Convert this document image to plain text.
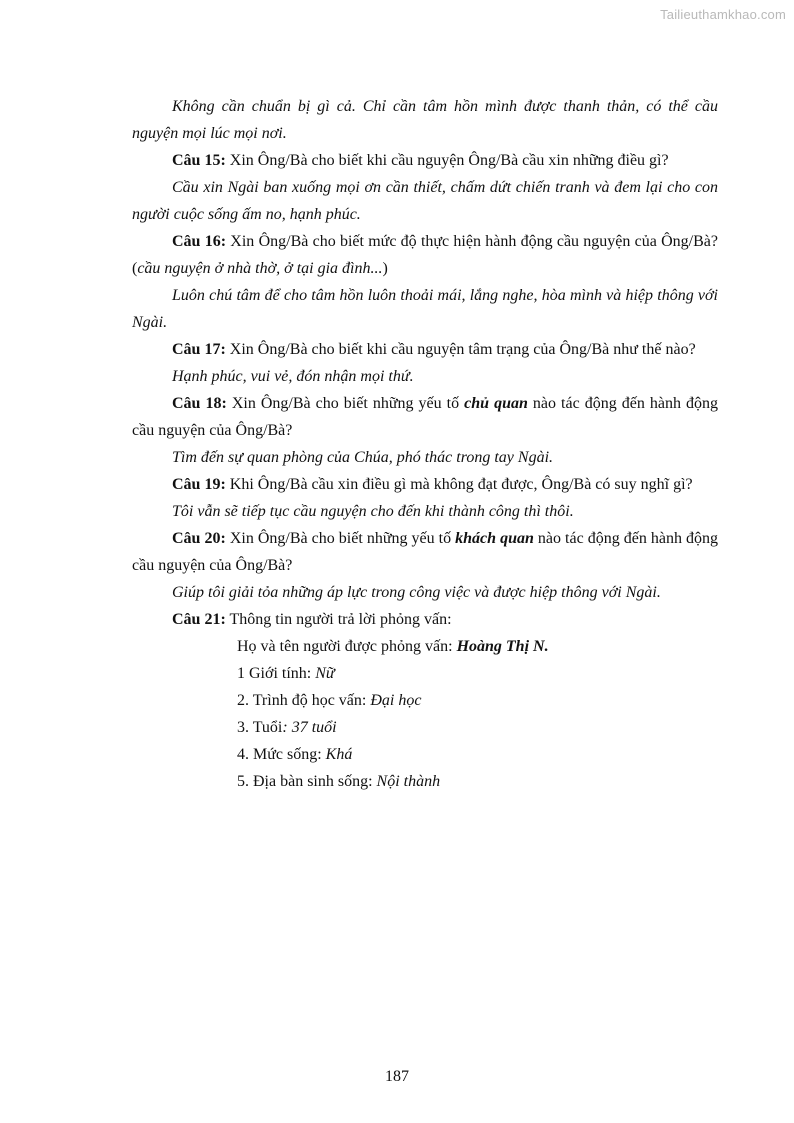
Tailieuthamkhao.com

Không cần chuẩn bị gì cả. Chỉ cần tâm hồn mình được thanh thản, có thể cầu nguyện mọi lúc mọi nơi.

Câu 15: Xin Ông/Bà cho biết khi cầu nguyện Ông/Bà cầu xin những điều gì?

Cầu xin Ngài ban xuống mọi ơn cần thiết, chấm dứt chiến tranh và đem lại cho con người cuộc sống ấm no, hạnh phúc.

Câu 16: Xin Ông/Bà cho biết mức độ thực hiện hành động cầu nguyện của Ông/Bà? (cầu nguyện ở nhà thờ, ở tại gia đình...)

Luôn chú tâm để cho tâm hồn luôn thoải mái, lắng nghe, hòa mình và hiệp thông với Ngài.

Câu 17: Xin Ông/Bà cho biết khi cầu nguyện tâm trạng của Ông/Bà như thế nào?

Hạnh phúc, vui vẻ, đón nhận mọi thứ.

Câu 18: Xin Ông/Bà cho biết những yếu tố chủ quan nào tác động đến hành động cầu nguyện của Ông/Bà?

Tìm đến sự quan phòng của Chúa, phó thác trong tay Ngài.

Câu 19: Khi Ông/Bà cầu xin điều gì mà không đạt được, Ông/Bà có suy nghĩ gì?

Tôi vẫn sẽ tiếp tục cầu nguyện cho đến khi thành công thì thôi.

Câu 20: Xin Ông/Bà cho biết những yếu tố khách quan nào tác động đến hành động cầu nguyện của Ông/Bà?

Giúp tôi giải tỏa những áp lực trong công việc và được hiệp thông với Ngài.

Câu 21: Thông tin người trả lời phỏng vấn:

Họ và tên người được phỏng vấn: Hoàng Thị N.

1 Giới tính: Nữ

2. Trình độ học vấn: Đại học

3. Tuổi: 37 tuổi

4. Mức sống: Khá

5. Địa bàn sinh sống: Nội thành

187
